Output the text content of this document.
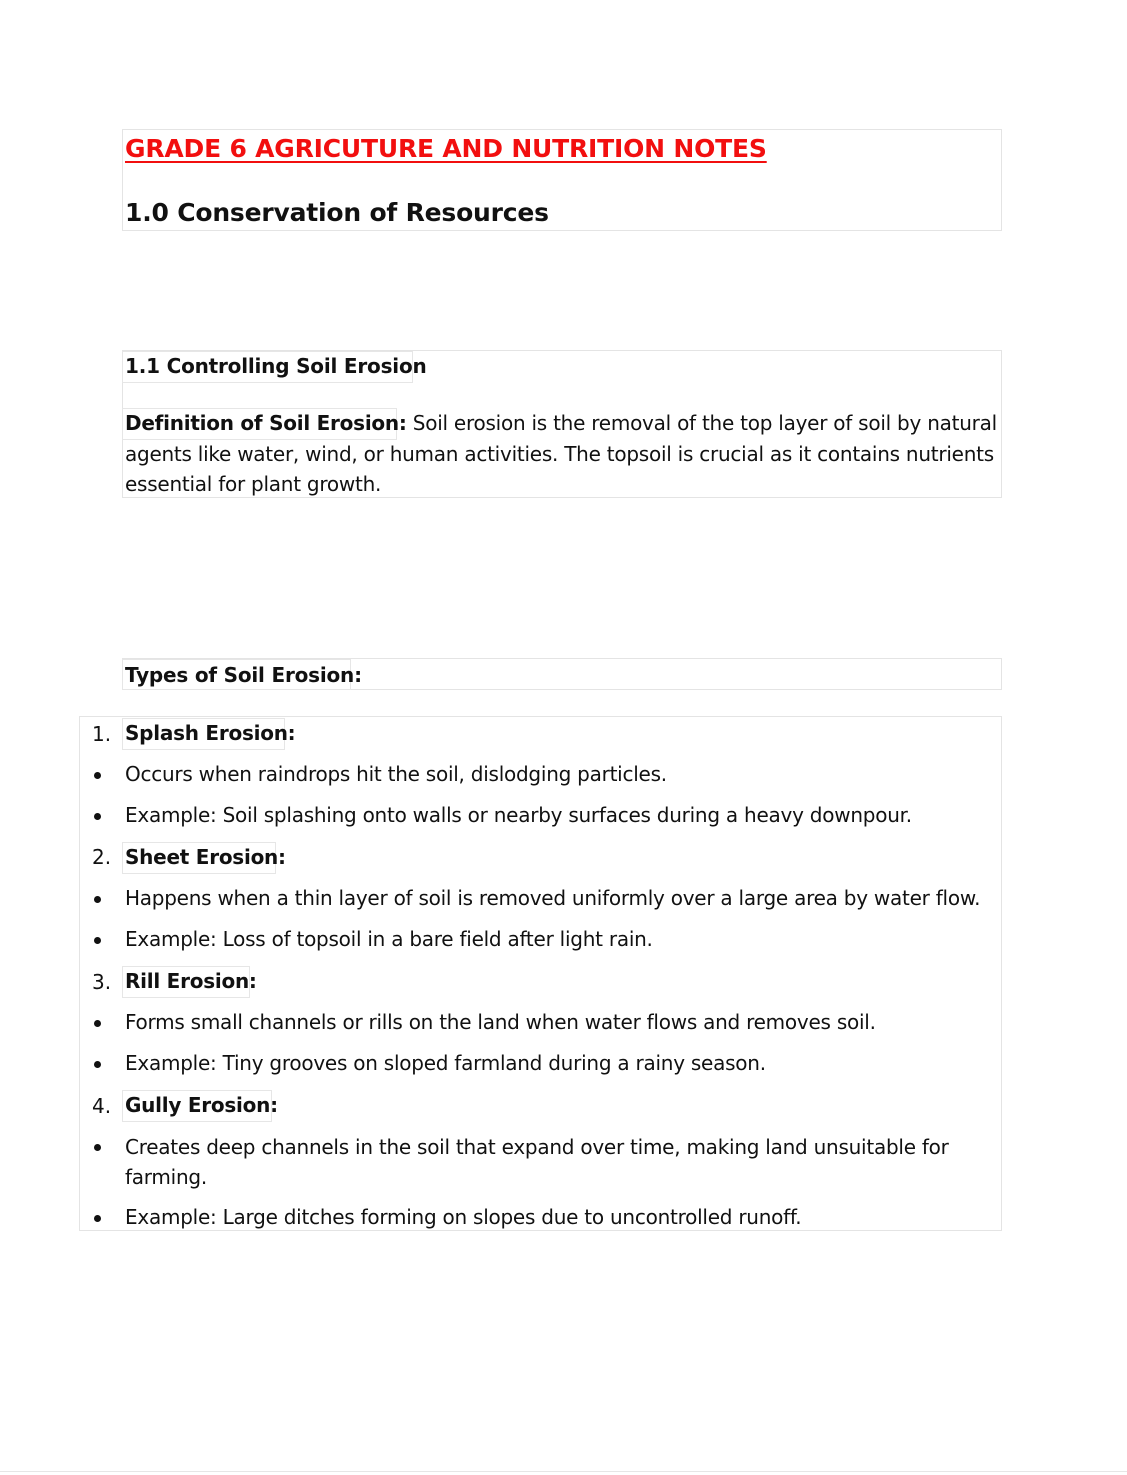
GRADE 6 AGRICUTURE AND NUTRITION NOTES
1.0 Conservation of Resources
1.1 Controlling Soil Erosion
Definition of Soil Erosion: Soil erosion is the removal of the top layer of soil by natural agents like water, wind, or human activities. The topsoil is crucial as it contains nutrients essential for plant growth.
Types of Soil Erosion:
1. Splash Erosion:
Occurs when raindrops hit the soil, dislodging particles.
Example: Soil splashing onto walls or nearby surfaces during a heavy downpour.
2. Sheet Erosion:
Happens when a thin layer of soil is removed uniformly over a large area by water flow.
Example: Loss of topsoil in a bare field after light rain.
3. Rill Erosion:
Forms small channels or rills on the land when water flows and removes soil.
Example: Tiny grooves on sloped farmland during a rainy season.
4. Gully Erosion:
Creates deep channels in the soil that expand over time, making land unsuitable for farming.
Example: Large ditches forming on slopes due to uncontrolled runoff.
